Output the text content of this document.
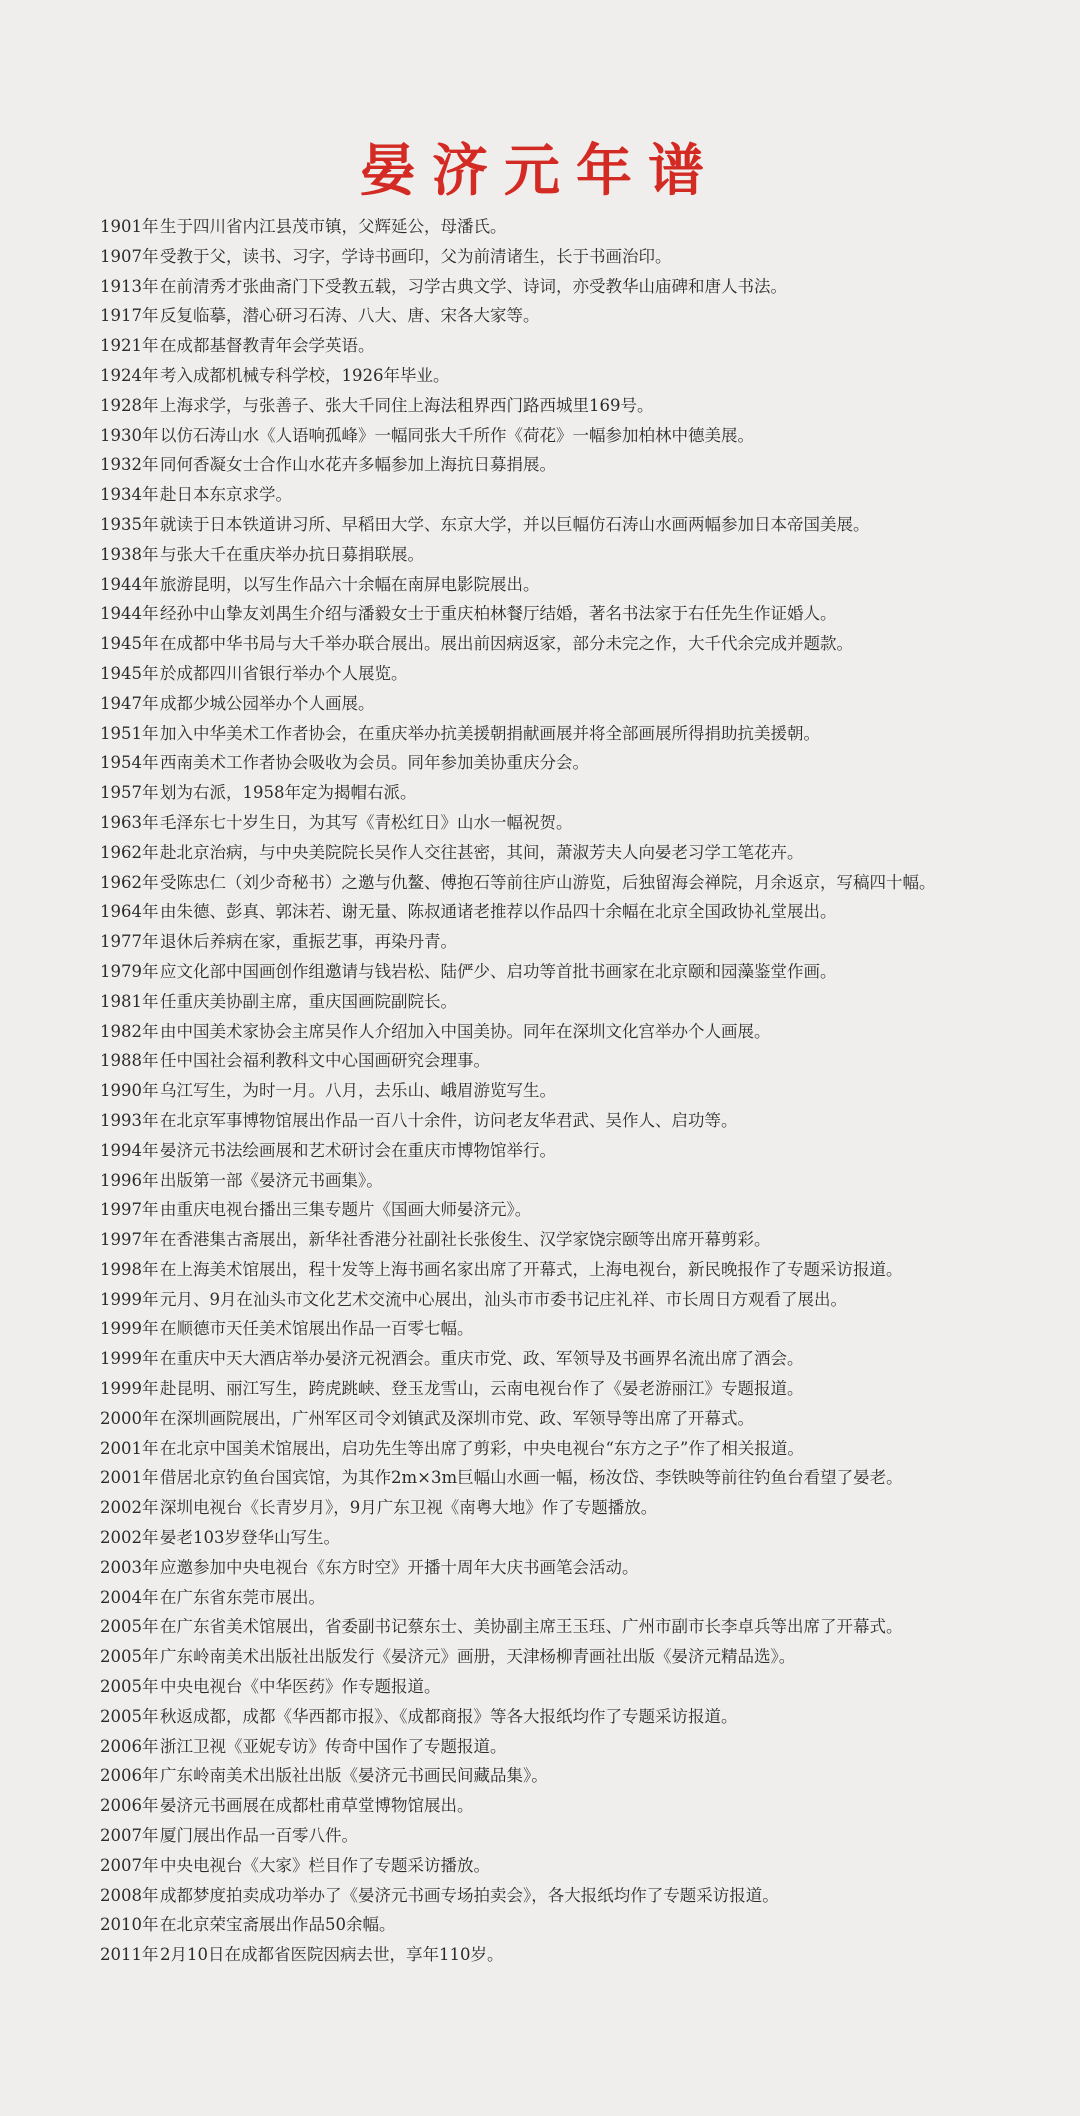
晏济元年谱
1901年 生于四川省内江县茂市镇，父辉延公，母潘氏。
1907年 受教于父，读书、习字，学诗书画印，父为前清诸生，长于书画治印。
1913年 在前清秀才张曲斋门下受教五载，习学古典文学、诗词，亦受教华山庙碑和唐人书法。
1917年 反复临摹，潜心研习石涛、八大、唐、宋各大家等。
1921年 在成都基督教青年会学英语。
1924年 考入成都机械专科学校，1926年毕业。
1928年 上海求学，与张善子、张大千同住上海法租界西门路西城里169号。
1930年 以仿石涛山水《人语响孤峰》一幅同张大千所作《荷花》一幅参加柏林中德美展。
1932年 同何香凝女士合作山水花卉多幅参加上海抗日募捐展。
1934年 赴日本东京求学。
1935年 就读于日本铁道讲习所、早稻田大学、东京大学，并以巨幅仿石涛山水画两幅参加日本帝国美展。
1938年 与张大千在重庆举办抗日募捐联展。
1944年 旅游昆明，以写生作品六十余幅在南屏电影院展出。
1944年 经孙中山挚友刘禺生介绍与潘毅女士于重庆柏林餐厅结婚，著名书法家于右任先生作证婚人。
1945年 在成都中华书局与大千举办联合展出。展出前因病返家，部分未完之作，大千代余完成并题款。
1945年 於成都四川省银行举办个人展览。
1947年 成都少城公园举办个人画展。
1951年 加入中华美术工作者协会，在重庆举办抗美援朝捐献画展并将全部画展所得捐助抗美援朝。
1954年 西南美术工作者协会吸收为会员。同年参加美协重庆分会。
1957年 划为右派，1958年定为揭帽右派。
1963年 毛泽东七十岁生日，为其写《青松红日》山水一幅祝贺。
1962年 赴北京治病，与中央美院院长吴作人交往甚密，其间，萧淑芳夫人向晏老习学工笔花卉。
1962年 受陈忠仁（刘少奇秘书）之邀与仇鳌、傅抱石等前往庐山游览，后独留海会禅院，月余返京，写稿四十幅。
1964年 由朱德、彭真、郭沫若、谢无量、陈叔通诸老推荐以作品四十余幅在北京全国政协礼堂展出。
1977年 退休后养病在家，重振艺事，再染丹青。
1979年 应文化部中国画创作组邀请与钱岩松、陆俨少、启功等首批书画家在北京颐和园藻鉴堂作画。
1981年 任重庆美协副主席，重庆国画院副院长。
1982年 由中国美术家协会主席吴作人介绍加入中国美协。同年在深圳文化宫举办个人画展。
1988年 任中国社会福利教科文中心国画研究会理事。
1990年 乌江写生，为时一月。八月，去乐山、峨眉游览写生。
1993年 在北京军事博物馆展出作品一百八十余件，访问老友华君武、吴作人、启功等。
1994年 晏济元书法绘画展和艺术研讨会在重庆市博物馆举行。
1996年 出版第一部《晏济元书画集》。
1997年 由重庆电视台播出三集专题片《国画大师晏济元》。
1997年 在香港集古斋展出，新华社香港分社副社长张俊生、汉学家饶宗颐等出席开幕剪彩。
1998年 在上海美术馆展出，程十发等上海书画名家出席了开幕式，上海电视台，新民晚报作了专题采访报道。
1999年 元月、9月在汕头市文化艺术交流中心展出，汕头市市委书记庄礼祥、市长周日方观看了展出。
1999年 在顺德市天任美术馆展出作品一百零七幅。
1999年 在重庆中天大酒店举办晏济元祝酒会。重庆市党、政、军领导及书画界名流出席了酒会。
1999年 赴昆明、丽江写生，跨虎跳峡、登玉龙雪山，云南电视台作了《晏老游丽江》专题报道。
2000年 在深圳画院展出，广州军区司令刘镇武及深圳市党、政、军领导等出席了开幕式。
2001年 在北京中国美术馆展出，启功先生等出席了剪彩，中央电视台“东方之子”作了相关报道。
2001年 借居北京钓鱼台国宾馆，为其作2m×3m巨幅山水画一幅，杨汝岱、李铁映等前往钓鱼台看望了晏老。
2002年 深圳电视台《长青岁月》，9月广东卫视《南粤大地》作了专题播放。
2002年 晏老103岁登华山写生。
2003年 应邀参加中央电视台《东方时空》开播十周年大庆书画笔会活动。
2004年 在广东省东莞市展出。
2005年 在广东省美术馆展出，省委副书记蔡东士、美协副主席王玉珏、广州市副市长李卓兵等出席了开幕式。
2005年 广东岭南美术出版社出版发行《晏济元》画册，天津杨柳青画社出版《晏济元精品选》。
2005年 中央电视台《中华医药》作专题报道。
2005年 秋返成都，成都《华西都市报》、《成都商报》等各大报纸均作了专题采访报道。
2006年 浙江卫视《亚妮专访》传奇中国作了专题报道。
2006年 广东岭南美术出版社出版《晏济元书画民间藏品集》。
2006年 晏济元书画展在成都杜甫草堂博物馆展出。
2007年 厦门展出作品一百零八件。
2007年 中央电视台《大家》栏目作了专题采访播放。
2008年 成都梦度拍卖成功举办了《晏济元书画专场拍卖会》，各大报纸均作了专题采访报道。
2010年 在北京荣宝斋展出作品50余幅。
2011年 2月10日在成都省医院因病去世，享年110岁。
